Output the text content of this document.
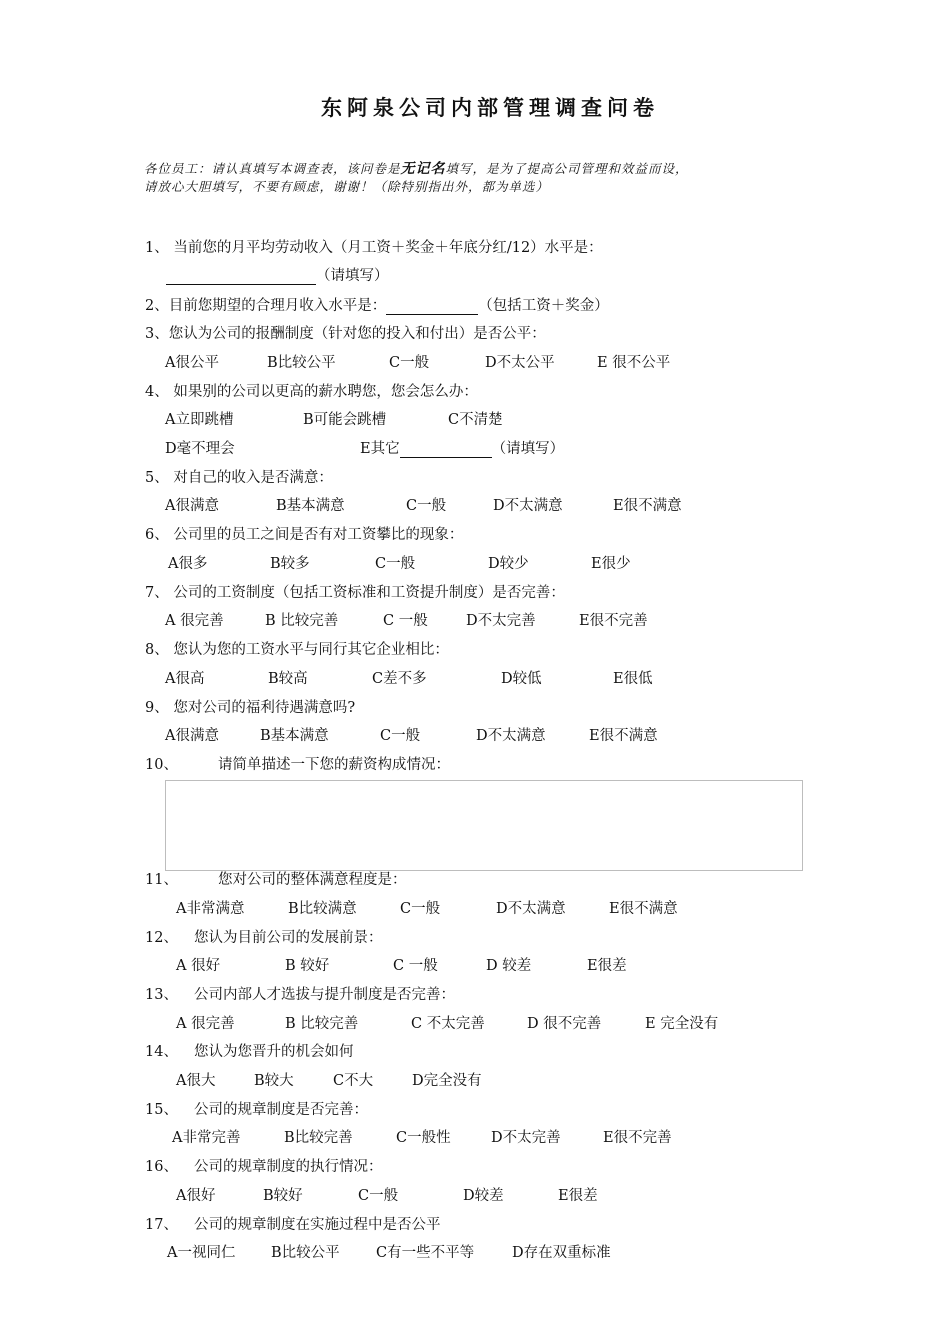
东阿泉公司内部管理调查问卷
各位员工：请认真填写本调查表，该问卷是无记名填写，是为了提高公司管理和效益而设，
请放心大胆填写，不要有顾虑，谢谢！（除特别指出外，都为单选）
1、 当前您的月平均劳动收入（月工资＋奖金＋年底分红/12）水平是：
（请填写）
2、目前您期望的合理月收入水平是：	（包括工资＋奖金）
3、您认为公司的报酬制度（针对您的投入和付出）是否公平：
A很公平	B比较公平	C一般	D不太公平	E 很不公平
4、 如果别的公司以更高的薪水聘您，您会怎么办：
A立即跳槽	B可能会跳槽	C不清楚
D毫不理会	E其它	（请填写）
5、 对自己的收入是否满意：
A很满意	B基本满意	C一般	D不太满意	E很不满意
6、 公司里的员工之间是否有对工资攀比的现象：
A很多	B较多	C一般	D较少	E很少
7、 公司的工资制度（包括工资标准和工资提升制度）是否完善：
A 很完善	B 比较完善	C 一般	D不太完善	E很不完善
8、 您认为您的工资水平与同行其它企业相比：
A很高	B较高	C差不多	D较低	E很低
9、 您对公司的福利待遇满意吗?
A很满意	B基本满意	C一般	D不太满意	E很不满意
10、	请简单描述一下您的薪资构成情况：
11、	您对公司的整体满意程度是：
A非常满意	B比较满意	C一般	D不太满意	E很不满意
12、 您认为目前公司的发展前景：
A 很好	B 较好	C 一般	D 较差	E很差
13、 公司内部人才选拔与提升制度是否完善：
A 很完善	B 比较完善	C 不太完善	D 很不完善	E 完全没有
14、 您认为您晋升的机会如何
A很大	B较大	C不大	D完全没有
15、 公司的规章制度是否完善：
A非常完善	B比较完善	C一般性	D不太完善	E很不完善
16、 公司的规章制度的执行情况：
A很好	B较好	C一般	D较差	E很差
17、 公司的规章制度在实施过程中是否公平
A一视同仁 B比较公平	C有一些不平等	D存在双重标准
